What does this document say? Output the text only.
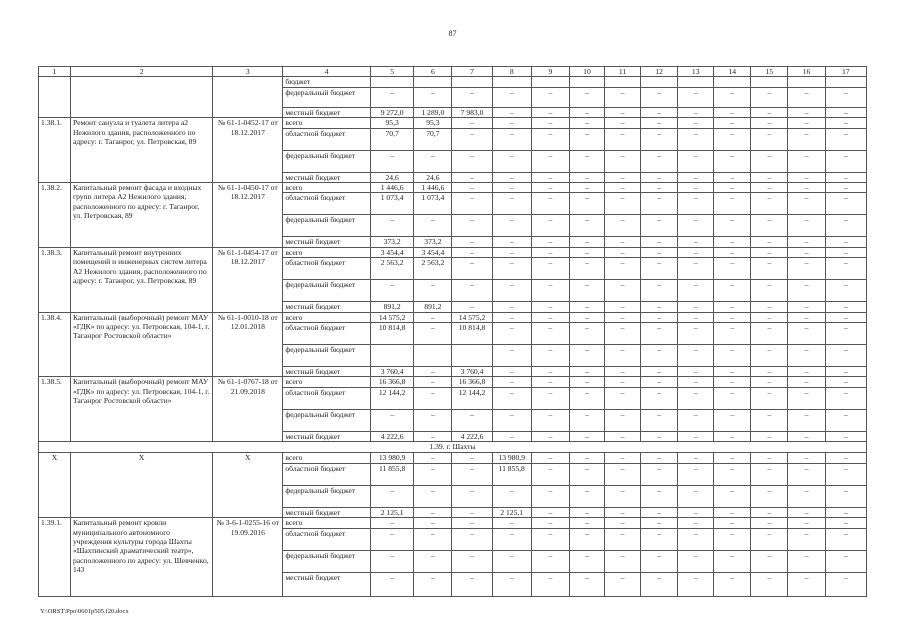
87
1	2	3	4	5	6	7	8	9	10	11	12	13	14	15	16	17
			бюджет													
			федеральный бюджет	–	–	–	–	–	–	–	–	–	–	–	–	–
			местный бюджет	9 272,0	1 289,0	7 983,0	–	–	–	–	–	–	–	–	–	–
1.38.1.	Ремонт санузла и туалета литера а2 Нежилого здания, расположенного по адресу: г. Таганрог, ул. Петровская, 89	№ 61-1-0452-17 от 18.12.2017	всего	95,3	95,3	–	–	–	–	–	–	–	–	–	–	–
			областной бюджет	70,7	70,7	–	–	–	–	–	–	–	–	–	–	–
			федеральный бюджет	–	–	–	–	–	–	–	–	–	–	–	–	–
			местный бюджет	24,6	24,6	–	–	–	–	–	–	–	–	–	–	–
1.38.2.	Капитальный ремонт фасада и входных групп литера А2 Нежилого здания, расположенного по адресу: г. Таганрог, ул. Петровская, 89	№ 61-1-0450-17 от 18.12.2017	всего	1 446,6	1 446,6	–	–	–	–	–	–	–	–	–	–	–
			областной бюджет	1 073,4	1 073,4	–	–	–	–	–	–	–	–	–	–	–
			федеральный бюджет	–	–	–	–	–	–	–	–	–	–	–	–	–
			местный бюджет	373,2	373,2	–	–	–	–	–	–	–	–	–	–	–
1.38.3.	Капитальный ремонт внутренних помещений и инженерных систем литера А2 Нежилого здания, расположенного по адресу: г. Таганрог, ул. Петровская, 89	№ 61-1-0454-17 от 18.12.2017	всего	3 454,4	3 454,4	–	–	–	–	–	–	–	–	–	–	–
			областной бюджет	2 563,2	2 563,2	–	–	–	–	–	–	–	–	–	–	–
			федеральный бюджет	–	–	–	–	–	–	–	–	–	–	–	–	–
			местный бюджет	891,2	891,2	–	–	–	–	–	–	–	–	–	–	–
1.38.4.	Капитальный (выборочный) ремонт МАУ «ГДК» по адресу: ул. Петровская, 104-1, г. Таганрог Ростовской области»	№ 61-1-0010-18 от 12.01.2018	всего	14 575,2	–	14 575,2	–	–	–	–	–	–	–	–	–	–
			областной бюджет	10 814,8	–	10 814,8	–	–	–	–	–	–	–	–	–	–
			федеральный бюджет				–	–	–	–	–	–	–	–	–	–
			местный бюджет	3 760,4	–	3 760,4	–	–	–	–	–	–	–	–	–	–
1.38.5.	Капитальный (выборочный) ремонт МАУ «ГДК» по адресу: ул. Петровская, 104-1, г. Таганрог Ростовской области»	№ 61-1-0767-18 от 21.09.2018	всего	16 366,8	–	16 366,8	–	–	–	–	–	–	–	–	–	–
			областной бюджет	12 144,2	–	12 144,2	–	–	–	–	–	–	–	–	–	–
			федеральный бюджет	–	–	–	–	–	–	–	–	–	–	–	–	–
			местный бюджет	4 222,6	–	4 222,6	–	–	–	–	–	–	–	–	–	–
1.39. г. Шахты																
X	X	X	всего	13 980,9	–	–	13 980,9	–	–	–	–	–	–	–	–	–
			областной бюджет	11 855,8	–	–	11 855,8	–	–	–	–	–	–	–	–	–
			федеральный бюджет	–	–	–	–	–	–	–	–	–	–	–	–	–
			местный бюджет	2 125,1	–	–	2 125,1	–	–	–	–	–	–	–	–	–
1.39.1.	Капитальный ремонт кровли муниципального автономного учреждения культуры города Шахты «Шахтинский драматический театр», расположенного по адресу: ул. Шевченко, 143	№ 3-6-1-0255-16 от 19.09.2016	всего	–	–	–	–	–	–	–	–	–	–	–	–	–
			областной бюджет	–	–	–	–	–	–	–	–	–	–	–	–	–
			федеральный бюджет	–	–	–	–	–	–	–	–	–	–	–	–	–
			местный бюджет	–	–	–	–	–	–	–	–	–	–	–	–	–
Y:\ORST\Ppo\0601p505.f20.docx
